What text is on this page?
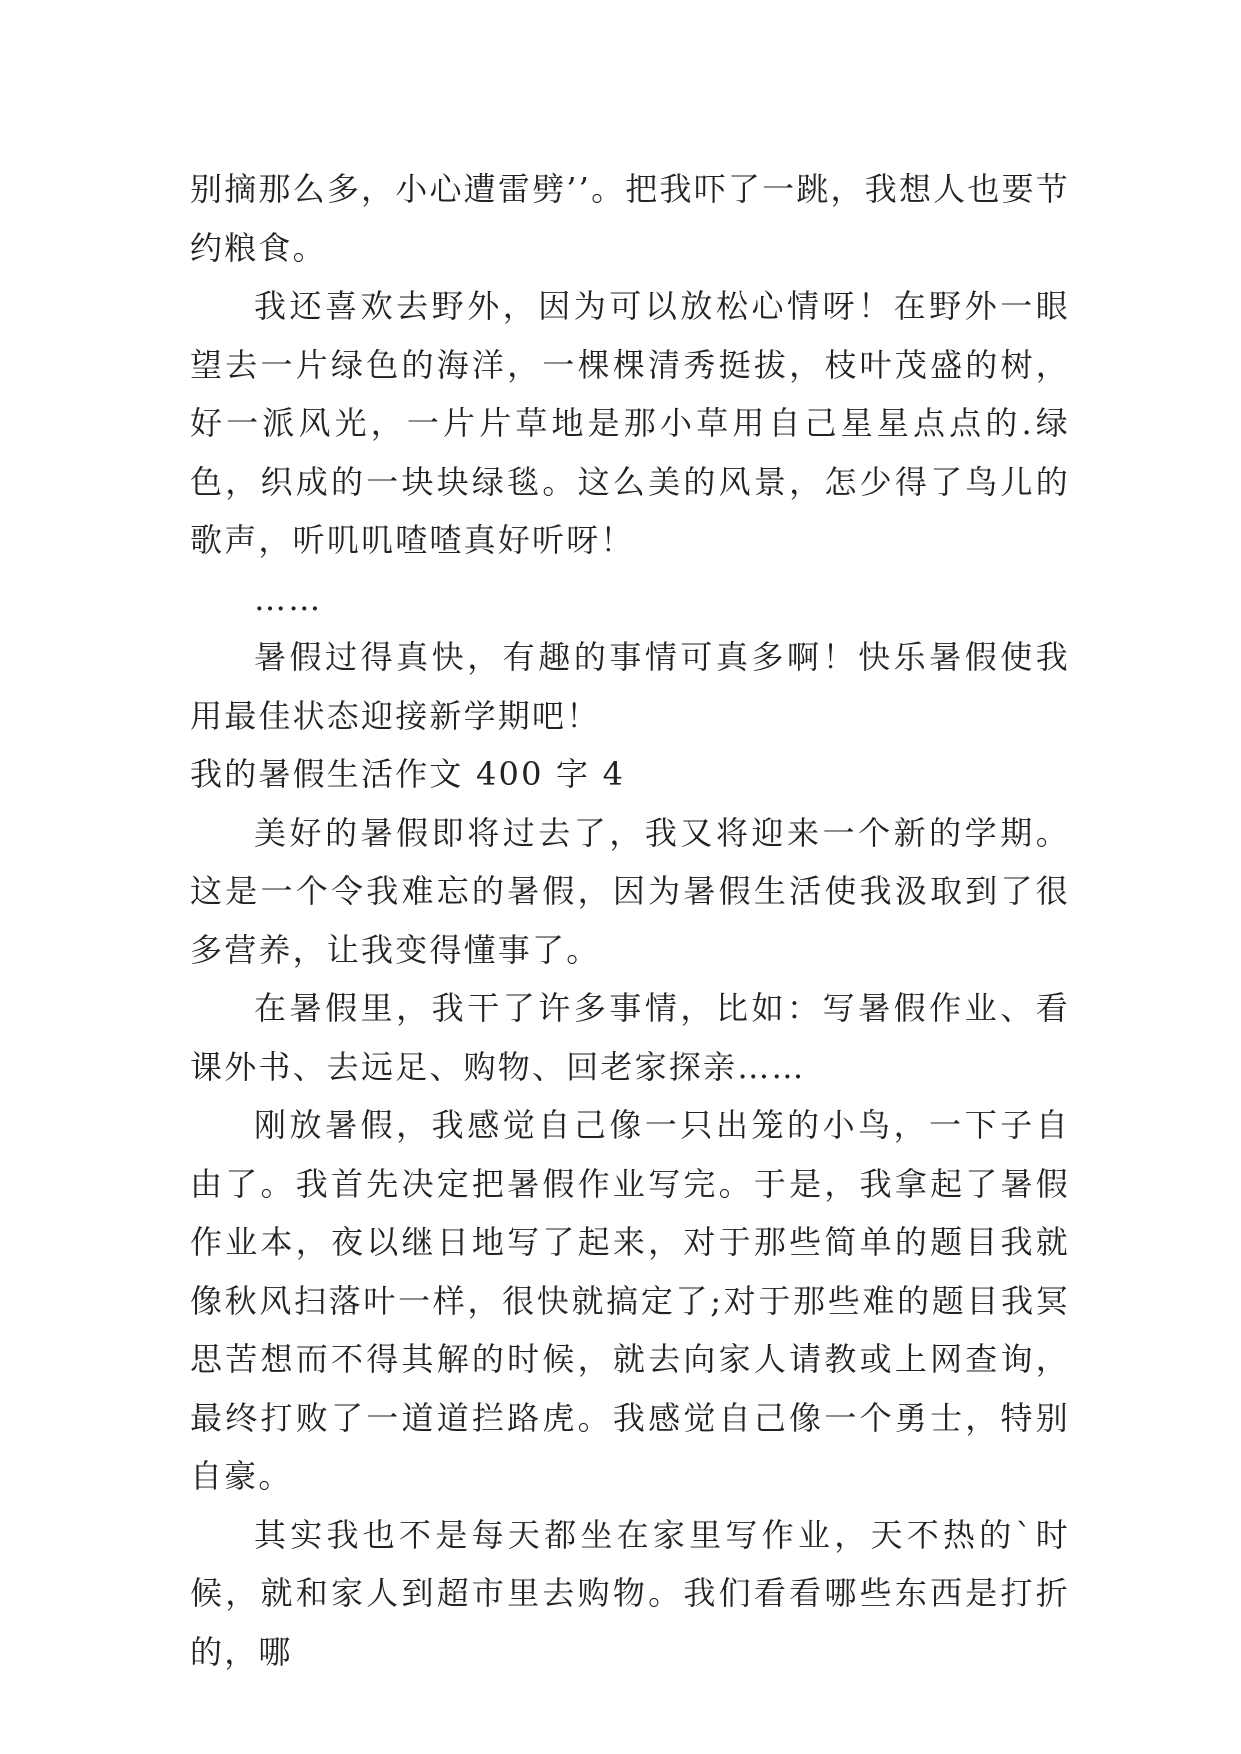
别摘那么多，小心遭雷劈’’。把我吓了一跳，我想人也要节约粮食。

我还喜欢去野外，因为可以放松心情呀！在野外一眼望去一片绿色的海洋，一棵棵清秀挺拔，枝叶茂盛的树，好一派风光，一片片草地是那小草用自己星星点点的.绿色，织成的一块块绿毯。这么美的风景，怎少得了鸟儿的歌声，听叽叽喳喳真好听呀！

……

暑假过得真快，有趣的事情可真多啊！快乐暑假使我用最佳状态迎接新学期吧！

我的暑假生活作文 400 字 4

美好的暑假即将过去了，我又将迎来一个新的学期。这是一个令我难忘的暑假，因为暑假生活使我汲取到了很多营养，让我变得懂事了。

在暑假里，我干了许多事情，比如：写暑假作业、看课外书、去远足、购物、回老家探亲……

刚放暑假，我感觉自己像一只出笼的小鸟，一下子自由了。我首先决定把暑假作业写完。于是，我拿起了暑假作业本，夜以继日地写了起来，对于那些简单的题目我就像秋风扫落叶一样，很快就搞定了;对于那些难的题目我冥思苦想而不得其解的时候，就去向家人请教或上网查询，最终打败了一道道拦路虎。我感觉自己像一个勇士，特别自豪。

其实我也不是每天都坐在家里写作业，天不热的`时候，就和家人到超市里去购物。我们看看哪些东西是打折的，哪
